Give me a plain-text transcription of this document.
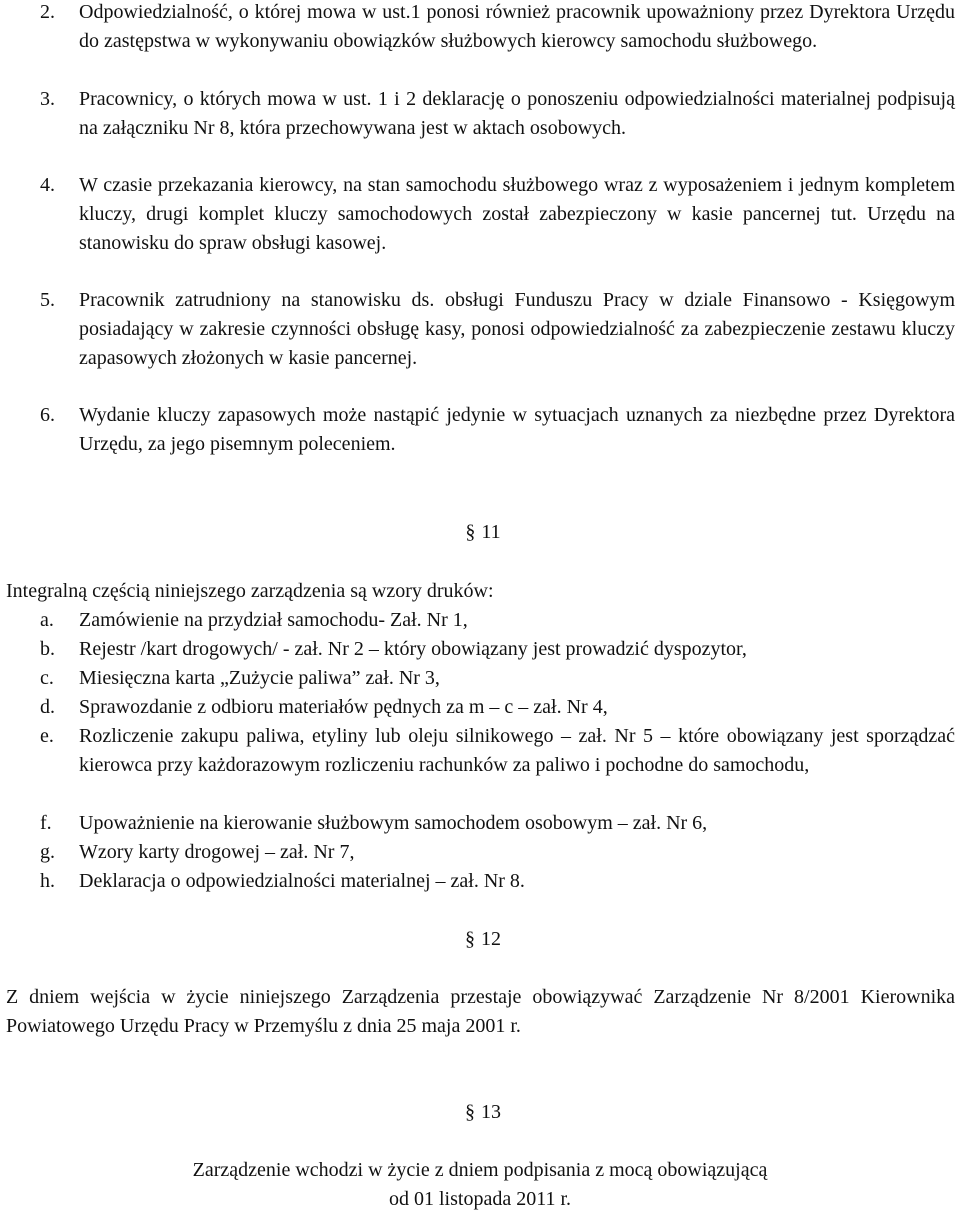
2. Odpowiedzialność, o której mowa w ust.1 ponosi również pracownik upoważniony przez Dyrektora Urzędu do zastępstwa w wykonywaniu obowiązków służbowych kierowcy samochodu służbowego.
3. Pracownicy, o których mowa w ust. 1 i 2 deklarację o ponoszeniu odpowiedzialności materialnej podpisują na załączniku Nr 8, która przechowywana jest w aktach osobowych.
4. W czasie przekazania kierowcy, na stan samochodu służbowego wraz z wyposażeniem i jednym kompletem kluczy, drugi komplet kluczy samochodowych został zabezpieczony w kasie pancernej tut. Urzędu na stanowisku do spraw obsługi kasowej.
5. Pracownik zatrudniony na stanowisku ds. obsługi Funduszu Pracy w dziale Finansowo - Księgowym posiadający w zakresie czynności obsługę kasy, ponosi odpowiedzialność za zabezpieczenie zestawu kluczy zapasowych złożonych w kasie pancernej.
6. Wydanie kluczy zapasowych może nastąpić jedynie w sytuacjach uznanych za niezbędne przez Dyrektora Urzędu, za jego pisemnym poleceniem.
§ 11
Integralną częścią niniejszego zarządzenia są wzory druków:
a. Zamówienie na przydział samochodu- Zał. Nr 1,
b. Rejestr /kart drogowych/ - zał. Nr 2 – który obowiązany jest prowadzić dyspozytor,
c. Miesięczna karta „Zużycie paliwa” zał. Nr 3,
d. Sprawozdanie z odbioru materiałów pędnych za m – c – zał. Nr 4,
e. Rozliczenie zakupu paliwa, etyliny lub oleju silnikowego – zał. Nr 5 – które obowiązany jest sporządzać kierowca przy każdorazowym rozliczeniu rachunków za paliwo i pochodne do samochodu,
f. Upoważnienie na kierowanie służbowym samochodem osobowym – zał. Nr 6,
g. Wzory karty drogowej – zał. Nr 7,
h. Deklaracja o odpowiedzialności materialnej – zał. Nr 8.
§ 12
Z dniem wejścia w życie niniejszego Zarządzenia przestaje obowiązywać Zarządzenie Nr 8/2001 Kierownika Powiatowego Urzędu Pracy w Przemyślu z dnia 25 maja 2001 r.
§ 13
Zarządzenie wchodzi w życie z dniem podpisania z mocą obowiązującą
od 01 listopada 2011 r.
